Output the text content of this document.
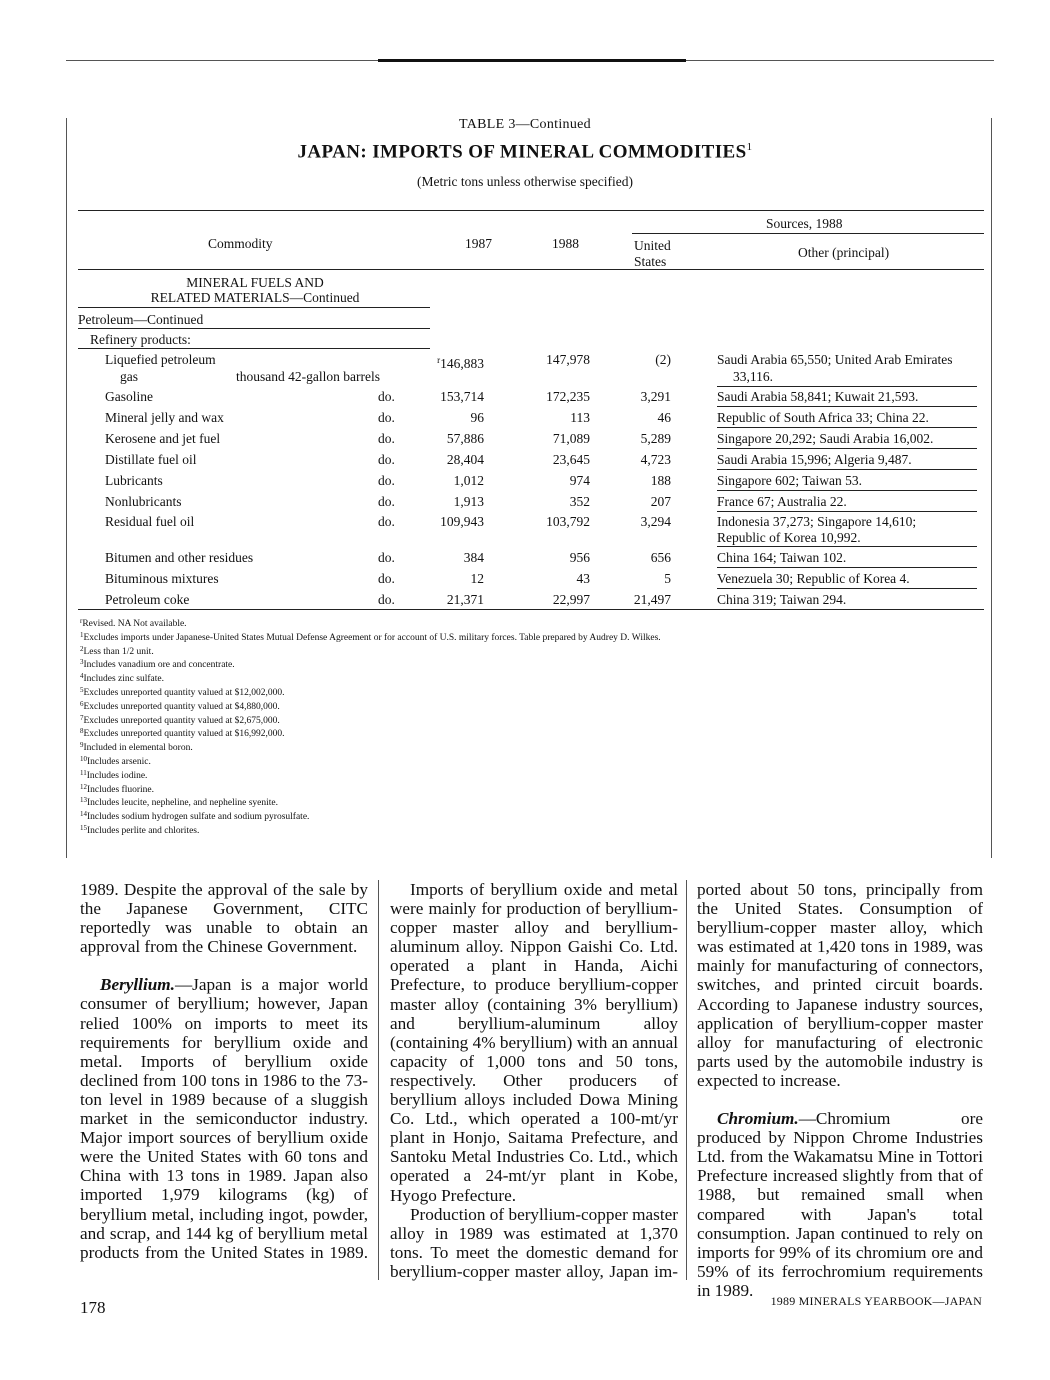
TABLE 3—Continued
JAPAN: IMPORTS OF MINERAL COMMODITIES$^1$
(Metric tons unless otherwise specified)
Commodity	1987	1988
Sources, 1988
United
States
Other (principal)
MINERAL FUELS AND
RELATED MATERIALS—Continued
Petroleum—Continued
Refinery products:
Liquefied petroleum
gas	thousand 42-gallon barrels
$^r$146,883	147,978	(2)	Saudi Arabia 65,550; United Arab Emirates
33,116.
Gasoline	do.	153,714	172,235	3,291	Saudi Arabia 58,841; Kuwait 21,593.
Mineral jelly and wax	do.	96	113	46	Republic of South Africa 33; China 22.
Kerosene and jet fuel	do.	57,886	71,089	5,289	Singapore 20,292; Saudi Arabia 16,002.
Distillate fuel oil	do.	28,404	23,645	4,723	Saudi Arabia 15,996; Algeria 9,487.
Lubricants	do.	1,012	974	188	Singapore 602; Taiwan 53.
Nonlubricants	do.	1,913	352	207	France 67; Australia 22.
Residual fuel oil	do.	109,943	103,792	3,294	Indonesia 37,273; Singapore 14,610;
Republic of Korea 10,992.
Bitumen and other residues	do.	384	956	656	China 164; Taiwan 102.
Bituminous mixtures	do.	12	43	5	Venezuela 30; Republic of Korea 4.
Petroleum coke	do.	21,371	22,997	21,497	China 319; Taiwan 294.
$^r$Revised. NA Not available.
$^1$Excludes imports under Japanese-United States Mutual Defense Agreement or for account of U.S. military forces. Table prepared by Audrey D. Wilkes.
$^2$Less than 1/2 unit.
$^3$Includes vanadium ore and concentrate.
$^4$Includes zinc sulfate.
$^5$Excludes unreported quantity valued at $12,002,000.
$^6$Excludes unreported quantity valued at $4,880,000.
$^7$Excludes unreported quantity valued at $2,675,000.
$^8$Excludes unreported quantity valued at $16,992,000.
$^9$Included in elemental boron.
$^{10}$Includes arsenic.
$^{11}$Includes iodine.
$^{12}$Includes fluorine.
$^{13}$Includes leucite, nepheline, and nepheline syenite.
$^{14}$Includes sodium hydrogen sulfate and sodium pyrosulfate.
$^{15}$Includes perlite and chlorites.

1989. Despite the approval of the sale by the Japanese Government, CITC reportedly was unable to obtain an approval from the Chinese Government.

Beryllium.—Japan is a major world consumer of beryllium; however, Japan relied 100% on imports to meet its requirements for beryllium oxide and metal. Imports of beryllium oxide declined from 100 tons in 1986 to the 73-ton level in 1989 because of a sluggish market in the semiconductor industry. Major import sources of beryllium oxide were the United States with 60 tons and China with 13 tons in 1989. Japan also imported 1,979 kilograms (kg) of beryllium metal, including ingot, powder, and scrap, and 144 kg of beryllium metal products from the United States in 1989.

Imports of beryllium oxide and metal were mainly for production of beryllium-copper master alloy and beryllium-aluminum alloy. Nippon Gaishi Co. Ltd. operated a plant in Handa, Aichi Prefecture, to produce beryllium-copper master alloy (containing 3% beryllium) and beryllium-aluminum alloy (containing 4% beryllium) with an annual capacity of 1,000 tons and 50 tons, respectively. Other producers of beryllium alloys included Dowa Mining Co. Ltd., which operated a 100-mt/yr plant in Honjo, Saitama Prefecture, and Santoku Metal Industries Co. Ltd., which operated a 24-mt/yr plant in Kobe, Hyogo Prefecture.

Production of beryllium-copper master alloy in 1989 was estimated at 1,370 tons. To meet the domestic demand for beryllium-copper master alloy, Japan im-

ported about 50 tons, principally from the United States. Consumption of beryllium-copper master alloy, which was estimated at 1,420 tons in 1989, was mainly for manufacturing of connectors, switches, and printed circuit boards. According to Japanese industry sources, application of beryllium-copper master alloy for manufacturing of electronic parts used by the automobile industry is expected to increase.

Chromium.—Chromium ore produced by Nippon Chrome Industries Ltd. from the Wakamatsu Mine in Tottori Prefecture increased slightly from that of 1988, but remained small when compared with Japan's total consumption. Japan continued to rely on imports for 99% of its chromium ore and 59% of its ferrochromium requirements in 1989.

178	1989 MINERALS YEARBOOK—JAPAN
